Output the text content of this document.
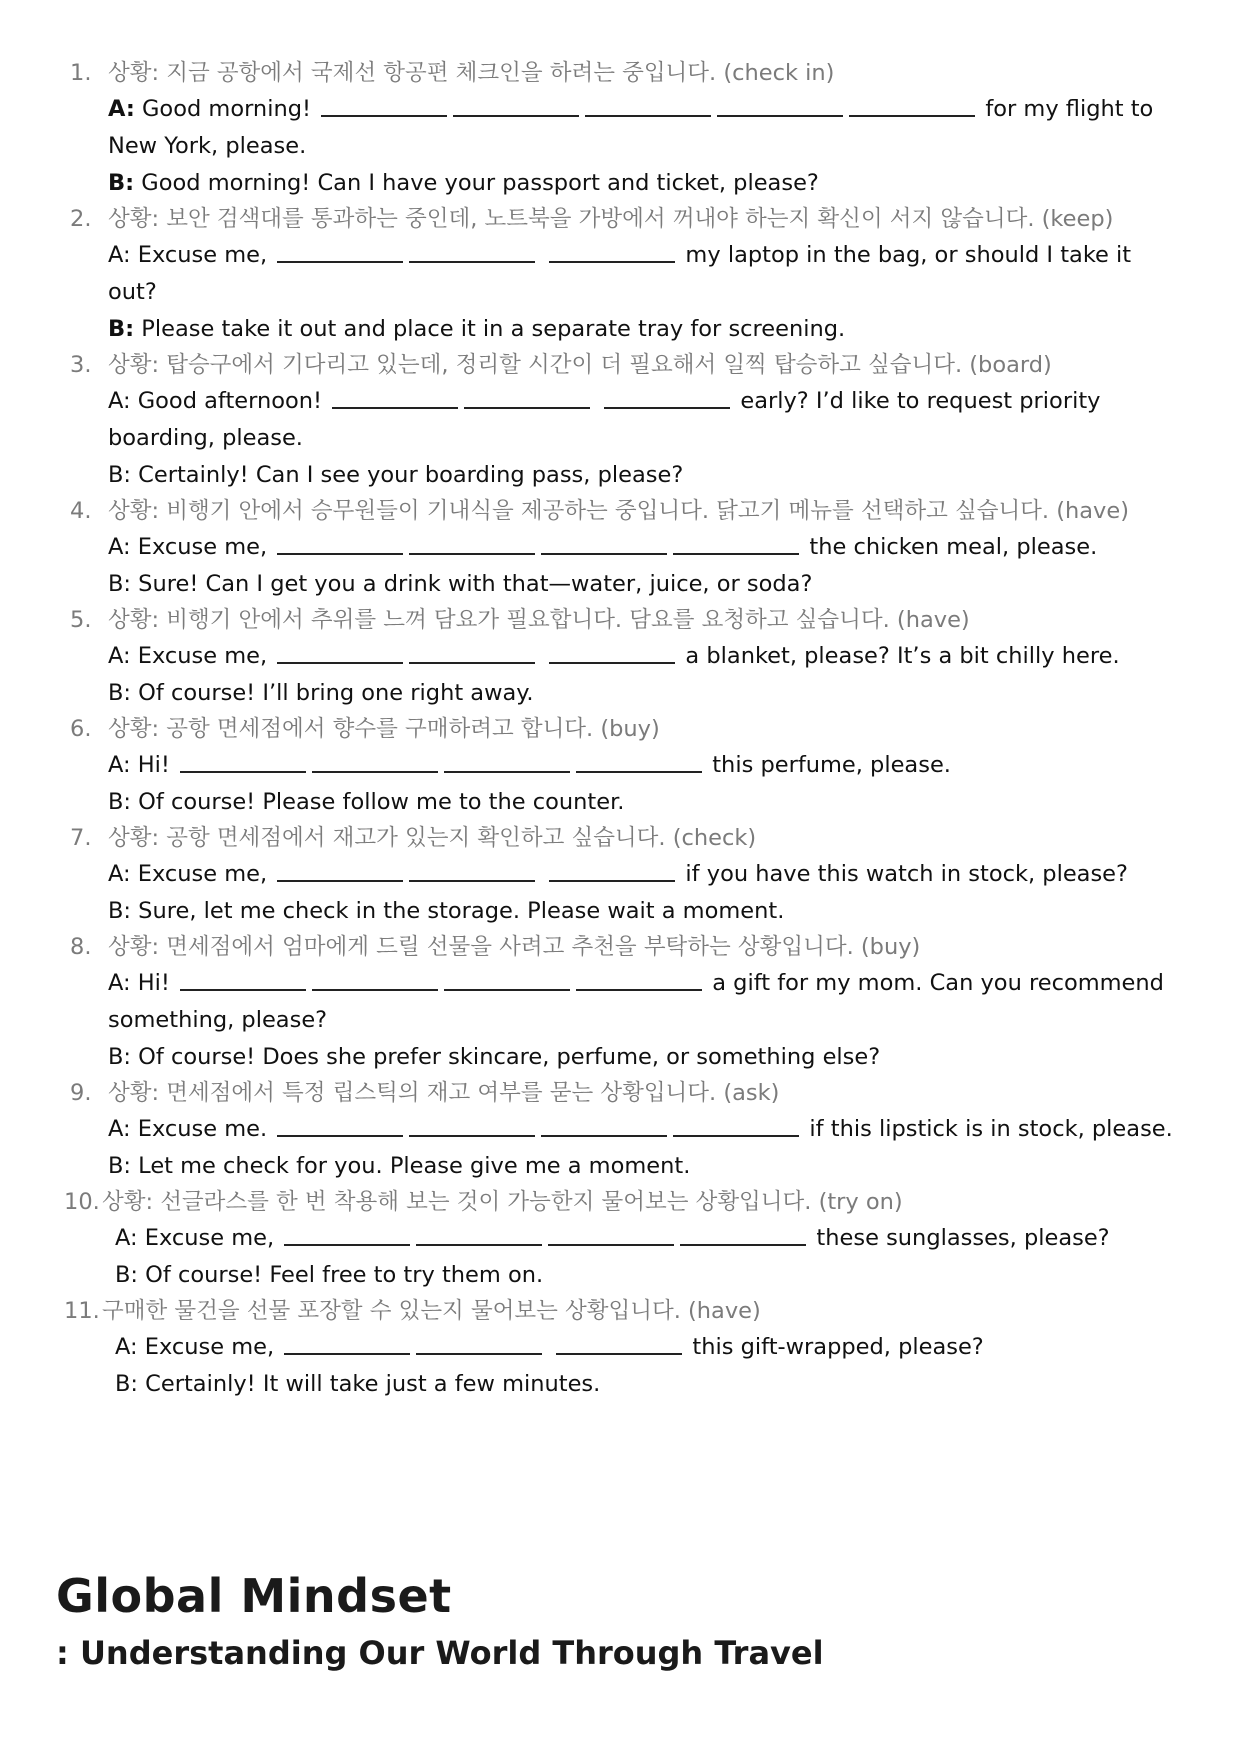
1. 상황: 지금 공항에서 국제선 항공편 체크인을 하려는 중입니다. (check in)
A: Good morning!	for my flight to New York, please.
B: Good morning! Can I have your passport and ticket, please?
2. 상황: 보안 검색대를 통과하는 중인데, 노트북을 가방에서 꺼내야 하는지 확신이 서지 않습니다. (keep)
A: Excuse me,	my laptop in the bag, or should I take it out?
B: Please take it out and place it in a separate tray for screening.
3. 상황: 탑승구에서 기다리고 있는데, 정리할 시간이 더 필요해서 일찍 탑승하고 싶습니다. (board)
A: Good afternoon!	early? I’d like to request priority boarding, please.
B: Certainly! Can I see your boarding pass, please?
4. 상황: 비행기 안에서 승무원들이 기내식을 제공하는 중입니다. 닭고기 메뉴를 선택하고 싶습니다. (have)
A: Excuse me,	the chicken meal, please.
B: Sure! Can I get you a drink with that—water, juice, or soda?
5. 상황: 비행기 안에서 추위를 느껴 담요가 필요합니다. 담요를 요청하고 싶습니다. (have)
A: Excuse me,	a blanket, please? It’s a bit chilly here.
B: Of course! I’ll bring one right away.
6. 상황: 공항 면세점에서 향수를 구매하려고 합니다. (buy)
A: Hi!	this perfume, please.
B: Of course! Please follow me to the counter.
7. 상황: 공항 면세점에서 재고가 있는지 확인하고 싶습니다. (check)
A: Excuse me,	if you have this watch in stock, please?
B: Sure, let me check in the storage. Please wait a moment.
8. 상황: 면세점에서 엄마에게 드릴 선물을 사려고 추천을 부탁하는 상황입니다. (buy)
A: Hi!	a gift for my mom. Can you recommend something, please?
B: Of course! Does she prefer skincare, perfume, or something else?
9. 상황: 면세점에서 특정 립스틱의 재고 여부를 묻는 상황입니다. (ask)
A: Excuse me.	if this lipstick is in stock, please.
B: Let me check for you. Please give me a moment.
10. 상황: 선글라스를 한 번 착용해 보는 것이 가능한지 물어보는 상황입니다. (try on)
A: Excuse me,	these sunglasses, please?
B: Of course! Feel free to try them on.
11. 구매한 물건을 선물 포장할 수 있는지 물어보는 상황입니다. (have)
A: Excuse me,	this gift-wrapped, please?
B: Certainly! It will take just a few minutes.
Global Mindset
: Understanding Our World Through Travel
